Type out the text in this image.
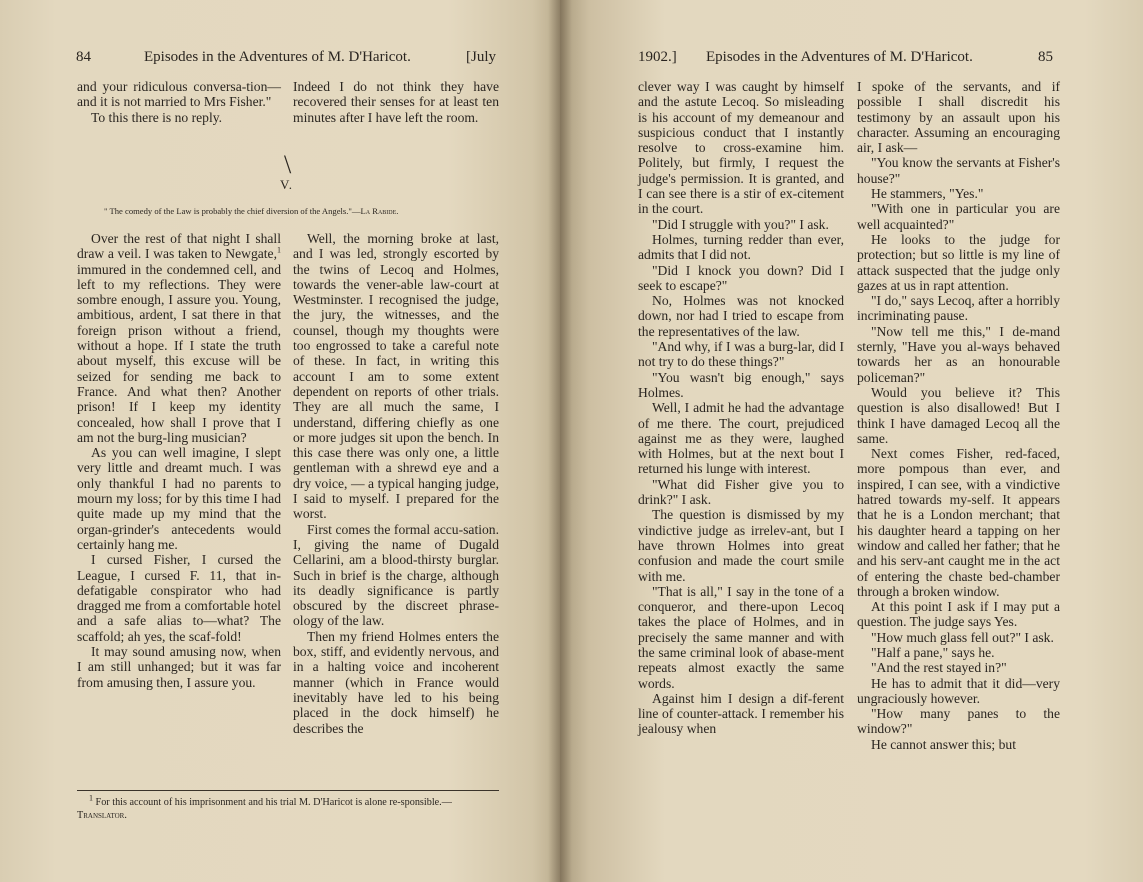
84	Episodes in the Adventures of M. D'Haricot.	[July

and your ridiculous conversa-tion—and it is not married to Mrs Fisher."

To this there is no reply.

Indeed I do not think they have recovered their senses for at least ten minutes after I have left the room.

\
V.
" The comedy of the Law is probably the chief diversion of the Angels."—La Rabide.

Over the rest of that night I shall draw a veil. I was taken to Newgate,$^1$ immured in the condemned cell, and left to my reflections. They were sombre enough, I assure you. Young, ambitious, ardent, I sat there in that foreign prison without a friend, without a hope. If I state the truth about myself, this excuse will be seized for sending me back to France. And what then? Another prison! If I keep my identity concealed, how shall I prove that I am not the burg-ling musician?

As you can well imagine, I slept very little and dreamt much. I was only thankful I had no parents to mourn my loss; for by this time I had quite made up my mind that the organ-grinder's antecedents would certainly hang me.

I cursed Fisher, I cursed the League, I cursed F. 11, that in-defatigable conspirator who had dragged me from a comfortable hotel and a safe alias to—what? The scaffold; ah yes, the scaf-fold!

It may sound amusing now, when I am still unhanged; but it was far from amusing then, I assure you.

Well, the morning broke at last, and I was led, strongly escorted by the twins of Lecoq and Holmes, towards the vener-able law-court at Westminster. I recognised the judge, the jury, the witnesses, and the counsel, though my thoughts were too engrossed to take a careful note of these. In fact, in writing this account I am to some extent dependent on reports of other trials. They are all much the same, I understand, differing chiefly as one or more judges sit upon the bench. In this case there was only one, a little gentleman with a shrewd eye and a dry voice, — a typical hanging judge, I said to myself. I prepared for the worst.

First comes the formal accu-sation. I, giving the name of Dugald Cellarini, am a blood-thirsty burglar. Such in brief is the charge, although its deadly significance is partly obscured by the discreet phrase-ology of the law.

Then my friend Holmes enters the box, stiff, and evidently nervous, and in a halting voice and incoherent manner (which in France would inevitably have led to his being placed in the dock himself) he describes the

$^1$ For this account of his imprisonment and his trial M. D'Haricot is alone re-sponsible.—Translator.
1902.] Episodes in the Adventures of M. D'Haricot.	85

clever way I was caught by himself and the astute Lecoq. So misleading is his account of my demeanour and suspicious conduct that I instantly resolve to cross-examine him. Politely, but firmly, I request the judge's permission. It is granted, and I can see there is a stir of ex-citement in the court.

"Did I struggle with you?" I ask.

Holmes, turning redder than ever, admits that I did not.

"Did I knock you down? Did I seek to escape?"

No, Holmes was not knocked down, nor had I tried to escape from the representatives of the law.

"And why, if I was a burg-lar, did I not try to do these things?"

"You wasn't big enough," says Holmes.

Well, I admit he had the advantage of me there. The court, prejudiced against me as they were, laughed with Holmes, but at the next bout I returned his lunge with interest.

"What did Fisher give you to drink?" I ask.

The question is dismissed by my vindictive judge as irrelev-ant, but I have thrown Holmes into great confusion and made the court smile with me.

"That is all," I say in the tone of a conqueror, and there-upon Lecoq takes the place of Holmes, and in precisely the same manner and with the same criminal look of abase-ment repeats almost exactly the same words.

Against him I design a dif-ferent line of counter-attack. I remember his jealousy when

I spoke of the servants, and if possible I shall discredit his testimony by an assault upon his character. Assuming an encouraging air, I ask—

"You know the servants at Fisher's house?"

He stammers, "Yes."

"With one in particular you are well acquainted?"

He looks to the judge for protection; but so little is my line of attack suspected that the judge only gazes at us in rapt attention.

"I do," says Lecoq, after a horribly incriminating pause.

"Now tell me this," I de-mand sternly, "Have you al-ways behaved towards her as an honourable policeman?"

Would you believe it? This question is also disallowed! But I think I have damaged Lecoq all the same.

Next comes Fisher, red-faced, more pompous than ever, and inspired, I can see, with a vindictive hatred towards my-self. It appears that he is a London merchant; that his daughter heard a tapping on her window and called her father; that he and his serv-ant caught me in the act of entering the chaste bed-chamber through a broken window.

At this point I ask if I may put a question. The judge says Yes.

"How much glass fell out?" I ask.

"Half a pane," says he.

"And the rest stayed in?"

He has to admit that it did—very ungraciously however.

"How many panes to the window?"

He cannot answer this; but
